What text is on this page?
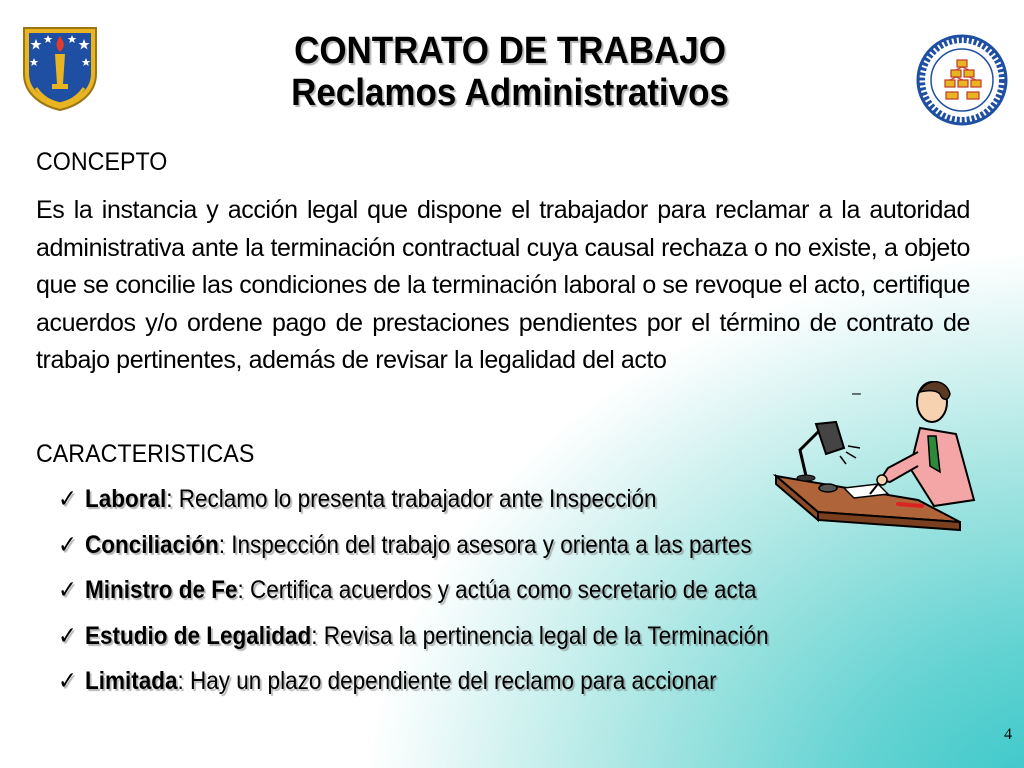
CONTRATO DE TRABAJO
Reclamos Administrativos
CONCEPTO
Es la instancia y acción legal que dispone el trabajador para reclamar a la autoridad administrativa ante la terminación contractual cuya causal rechaza o no existe, a objeto que se concilie las condiciones de la terminación laboral o se revoque el acto, certifique acuerdos y/o ordene pago de prestaciones pendientes por el término de contrato de trabajo pertinentes, además de revisar la legalidad del acto
–
CARACTERISTICAS
✓ Laboral : Reclamo lo presenta trabajador ante Inspección
✓ Conciliación : Inspección del trabajo asesora y orienta a las partes
✓ Ministro de Fe : Certifica acuerdos y actúa como secretario de acta
✓ Estudio de Legalidad : Revisa la pertinencia legal de la Terminación
✓ Limitada : Hay un plazo dependiente del reclamo para accionar
4
